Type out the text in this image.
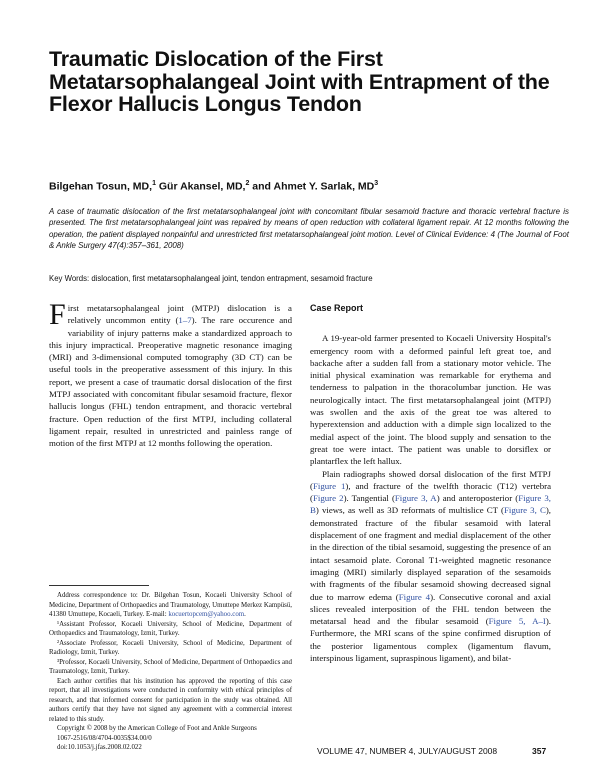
Traumatic Dislocation of the First Metatarsophalangeal Joint with Entrapment of the Flexor Hallucis Longus Tendon
Bilgehan Tosun, MD,$^1$ Gür Akansel, MD,$^2$ and Ahmet Y. Sarlak, $MD^3$
A case of traumatic dislocation of the first metatarsophalangeal joint with concomitant fibular sesamoid fracture and thoracic vertebral fracture is presented. The first metatarsophalangeal joint was repaired by means of open reduction with collateral ligament repair. At 12 months following the operation, the patient displayed nonpainful and unrestricted first metatarsophalangeal joint motion. Level of Clinical Evidence: 4 (The Journal of Foot & Ankle Surgery 47(4):357–361, 2008)
Key Words: dislocation, first metatarsophalangeal joint, tendon entrapment, sesamoid fracture

First metatarsophalangeal joint (MTPJ) dislocation is a relatively uncommon entity (1–7). The rare occurence and variability of injury patterns make a standardized approach to this injury impractical. Preoperative magnetic resonance imaging (MRI) and 3-dimensional computed tomography (3D CT) can be useful tools in the preoperative assessment of this injury. In this report, we present a case of traumatic dorsal dislocation of the first MTPJ associated with concomitant fibular sesamoid fracture, flexor hallucis longus (FHL) tendon entrapment, and thoracic vertebral fracture. Open reduction of the first MTPJ, including collateral ligament repair, resulted in unrestricted and painless range of motion of the first MTPJ at 12 months following the operation.

Case Report

A 19-year-old farmer presented to Kocaeli University Hospital's emergency room with a deformed painful left great toe, and backache after a sudden fall from a stationary motor vehicle. The initial physical examination was remarkable for erythema and tenderness to palpation in the thoracolumbar junction. He was neurologically intact. The first metatarsophalangeal joint (MTPJ) was swollen and the axis of the great toe was altered to hyperextension and adduction with a dimple sign localized to the medial aspect of the joint. The blood supply and sensation to the great toe were intact. The patient was unable to dorsiflex or plantarflex the left hallux.

Plain radiographs showed dorsal dislocation of the first MTPJ (Figure 1), and fracture of the twelfth thoracic (T12) vertebra (Figure 2). Tangential (Figure 3, A) and anteroposterior (Figure 3, B) views, as well as 3D reformats of multislice CT (Figure 3, C), demonstrated fracture of the fibular sesamoid with lateral displacement of one fragment and medial displacement of the other in the direction of the tibial sesamoid, suggesting the presence of an intact sesamoid plate. Coronal T1-weighted magnetic resonance imaging (MRI) similarly displayed separation of the sesamoids with fragments of the fibular sesamoid showing decreased signal due to marrow edema (Figure 4). Consecutive coronal and axial slices revealed interposition of the FHL tendon between the metatarsal head and the fibular sesamoid (Figure 5, A–I). Furthermore, the MRI scans of the spine confirmed disruption of the posterior ligamentous complex (ligamentum flavum, interspinous ligament, supraspinous ligament), and bilat-

Address correspondence to: Dr. Bilgehan Tosun, Kocaeli University School of Medicine, Department of Orthopaedics and Traumatology, Umuttepe Merkez Kampüsü, 41380 Umuttepe, Kocaeli, Turkey. E-mail: kocuertopcem@yahoo.com.

¹Assistant Professor, Kocaeli University, School of Medicine, Department of Orthopaedics and Traumatology, Izmit, Turkey.

²Associate Professor, Kocaeli University, School of Medicine, Department of Radiology, Izmit, Turkey.

³Professor, Kocaeli University, School of Medicine, Department of Orthopaedics and Traumatology, Izmit, Turkey.

Each author certifies that his institution has approved the reporting of this case report, that all investigations were conducted in conformity with ethical principles of research, and that informed consent for participation in the study was obtained. All authors certify that they have not signed any agreement with a commercial interest related to this study.

Copyright © 2008 by the American College of Foot and Ankle Surgeons

1067-2516/08/4704-0035$34.00/0

doi:10.1053/j.jfas.2008.02.022	VOLUME 47, NUMBER 4, JULY/AUGUST 2008	357
